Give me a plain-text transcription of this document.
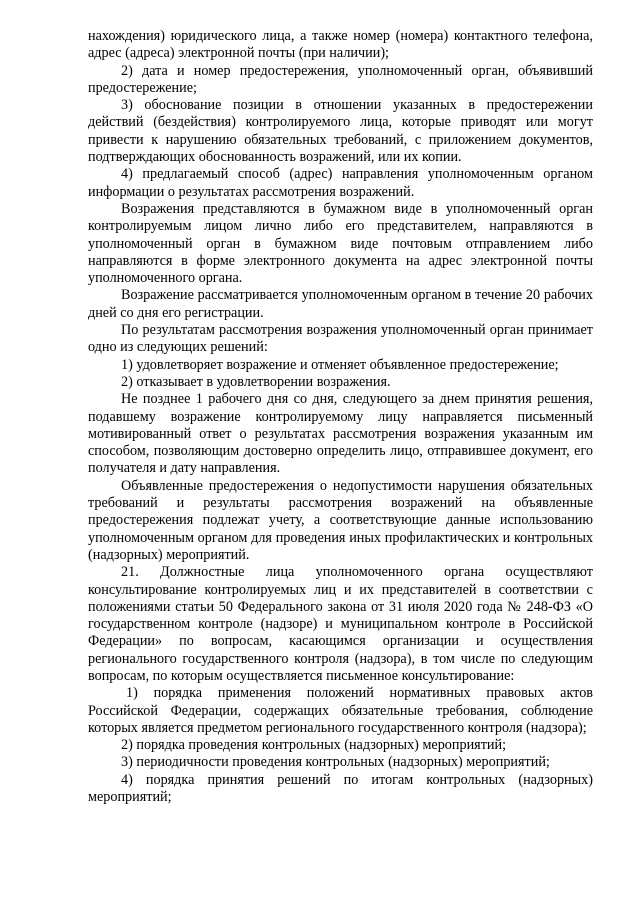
нахождения) юридического лица, а также номер (номера) контактного телефона, адрес (адреса) электронной почты (при наличии);

2) дата и номер предостережения, уполномоченный орган, объявивший предостережение;

3) обоснование позиции в отношении указанных в предостережении действий (бездействия) контролируемого лица, которые приводят или могут привести к нарушению обязательных требований, с приложением документов, подтверждающих обоснованность возражений, или их копии.

4) предлагаемый способ (адрес) направления уполномоченным органом информации о результатах рассмотрения возражений.

Возражения представляются в бумажном виде в уполномоченный орган контролируемым лицом лично либо его представителем, направляются в уполномоченный орган в бумажном виде почтовым отправлением либо направляются в форме электронного документа на адрес электронной почты уполномоченного органа.

Возражение рассматривается уполномоченным органом в течение 20 рабочих дней со дня его регистрации.

По результатам рассмотрения возражения уполномоченный орган принимает одно из следующих решений:

1) удовлетворяет возражение и отменяет объявленное предостережение;

2) отказывает в удовлетворении возражения.

Не позднее 1 рабочего дня со дня, следующего за днем принятия решения, подавшему возражение контролируемому лицу направляется письменный мотивированный ответ о результатах рассмотрения возражения указанным им способом, позволяющим достоверно определить лицо, отправившее документ, его получателя и дату направления.

Объявленные предостережения о недопустимости нарушения обязательных требований и результаты рассмотрения возражений на объявленные предостережения подлежат учету, а соответствующие данные использованию уполномоченным органом для проведения иных профилактических и контрольных (надзорных) мероприятий.

21. Должностные лица уполномоченного органа осуществляют консультирование контролируемых лиц и их представителей в соответствии с положениями статьи 50 Федерального закона от 31 июля 2020 года № 248-ФЗ «О государственном контроле (надзоре) и муниципальном контроле в Российской Федерации» по вопросам, касающимся организации и осуществления регионального государственного контроля (надзора), в том числе по следующим вопросам, по которым осуществляется письменное консультирование:

1) порядка применения положений нормативных правовых актов Российской Федерации, содержащих обязательные требования, соблюдение которых является предметом регионального государственного контроля (надзора);

2) порядка проведения контрольных (надзорных) мероприятий;

3) периодичности проведения контрольных (надзорных) мероприятий;

4) порядка принятия решений по итогам контрольных (надзорных) мероприятий;
